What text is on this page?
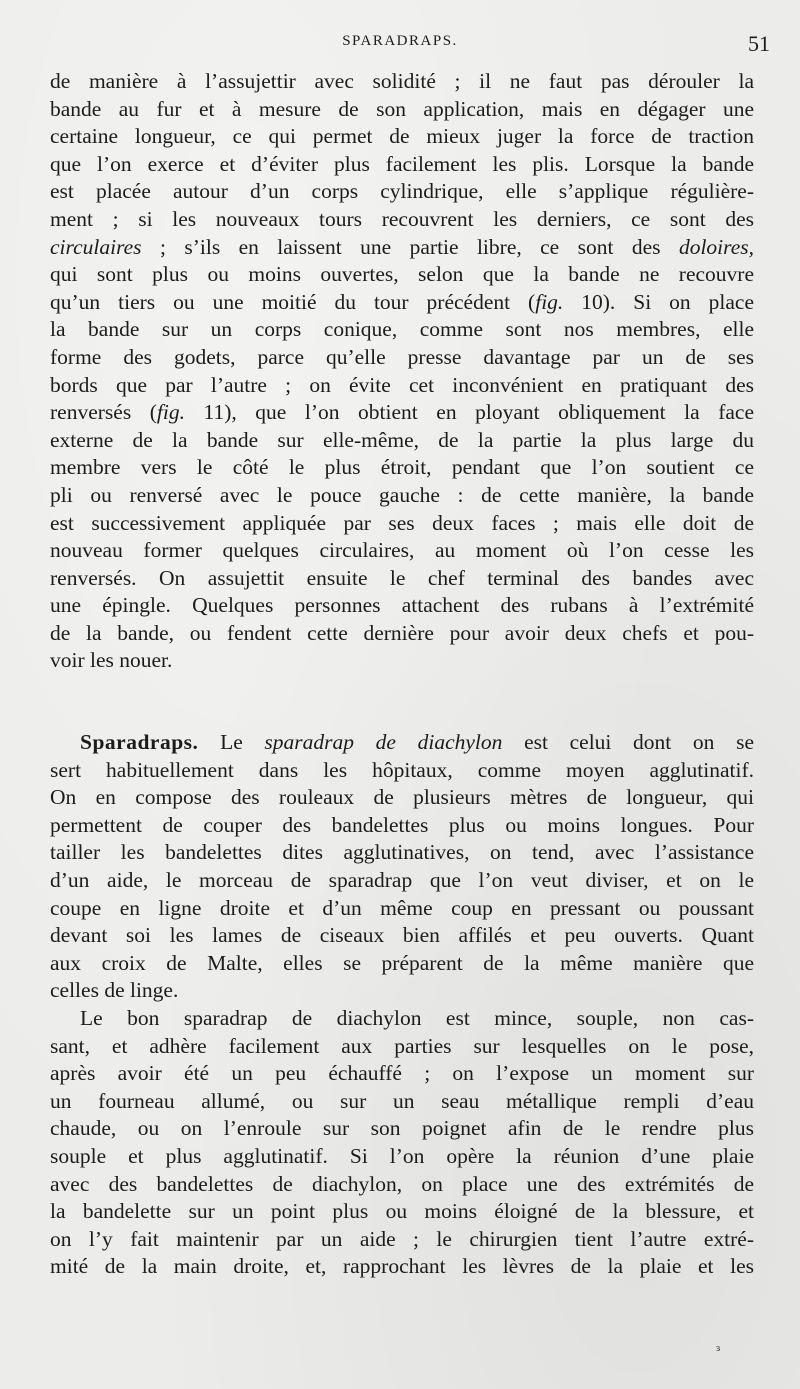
SPARADRAPS.	51
de manière à l’assujettir avec solidité ; il ne faut pas dérouler la
bande au fur et à mesure de son application, mais en dégager une
certaine longueur, ce qui permet de mieux juger la force de traction
que l’on exerce et d’éviter plus facilement les plis. Lorsque la bande
est placée autour d’un corps cylindrique, elle s’applique régulière-
ment ; si les nouveaux tours recouvrent les derniers, ce sont des
circulaires ; s’ils en laissent une partie libre, ce sont des doloires,
qui sont plus ou moins ouvertes, selon que la bande ne recouvre
qu’un tiers ou une moitié du tour précédent (fig. 10). Si on place
la bande sur un corps conique, comme sont nos membres, elle
forme des godets, parce qu’elle presse davantage par un de ses
bords que par l’autre ; on évite cet inconvénient en pratiquant des
renversés (fig. 11), que l’on obtient en ployant obliquement la face
externe de la bande sur elle-même, de la partie la plus large du
membre vers le côté le plus étroit, pendant que l’on soutient ce
pli ou renversé avec le pouce gauche : de cette manière, la bande
est successivement appliquée par ses deux faces ; mais elle doit de
nouveau former quelques circulaires, au moment où l’on cesse les
renversés. On assujettit ensuite le chef terminal des bandes avec
une épingle. Quelques personnes attachent des rubans à l’extrémité
de la bande, ou fendent cette dernière pour avoir deux chefs et pou-
voir les nouer.
Sparadraps. Le sparadrap de diachylon est celui dont on se
sert habituellement dans les hôpitaux, comme moyen agglutinatif.
On en compose des rouleaux de plusieurs mètres de longueur, qui
permettent de couper des bandelettes plus ou moins longues. Pour
tailler les bandelettes dites agglutinatives, on tend, avec l’assistance
d’un aide, le morceau de sparadrap que l’on veut diviser, et on le
coupe en ligne droite et d’un même coup en pressant ou poussant
devant soi les lames de ciseaux bien affilés et peu ouverts. Quant
aux croix de Malte, elles se préparent de la même manière que
celles de linge.
Le bon sparadrap de diachylon est mince, souple, non cas-
sant, et adhère facilement aux parties sur lesquelles on le pose,
après avoir été un peu échauffé ; on l’expose un moment sur
un fourneau allumé, ou sur un seau métallique rempli d’eau
chaude, ou on l’enroule sur son poignet afin de le rendre plus
souple et plus agglutinatif. Si l’on opère la réunion d’une plaie
avec des bandelettes de diachylon, on place une des extrémités de
la bandelette sur un point plus ou moins éloigné de la blessure, et
on l’y fait maintenir par un aide ; le chirurgien tient l’autre extré-
mité de la main droite, et, rapprochant les lèvres de la plaie et les
ɜ
